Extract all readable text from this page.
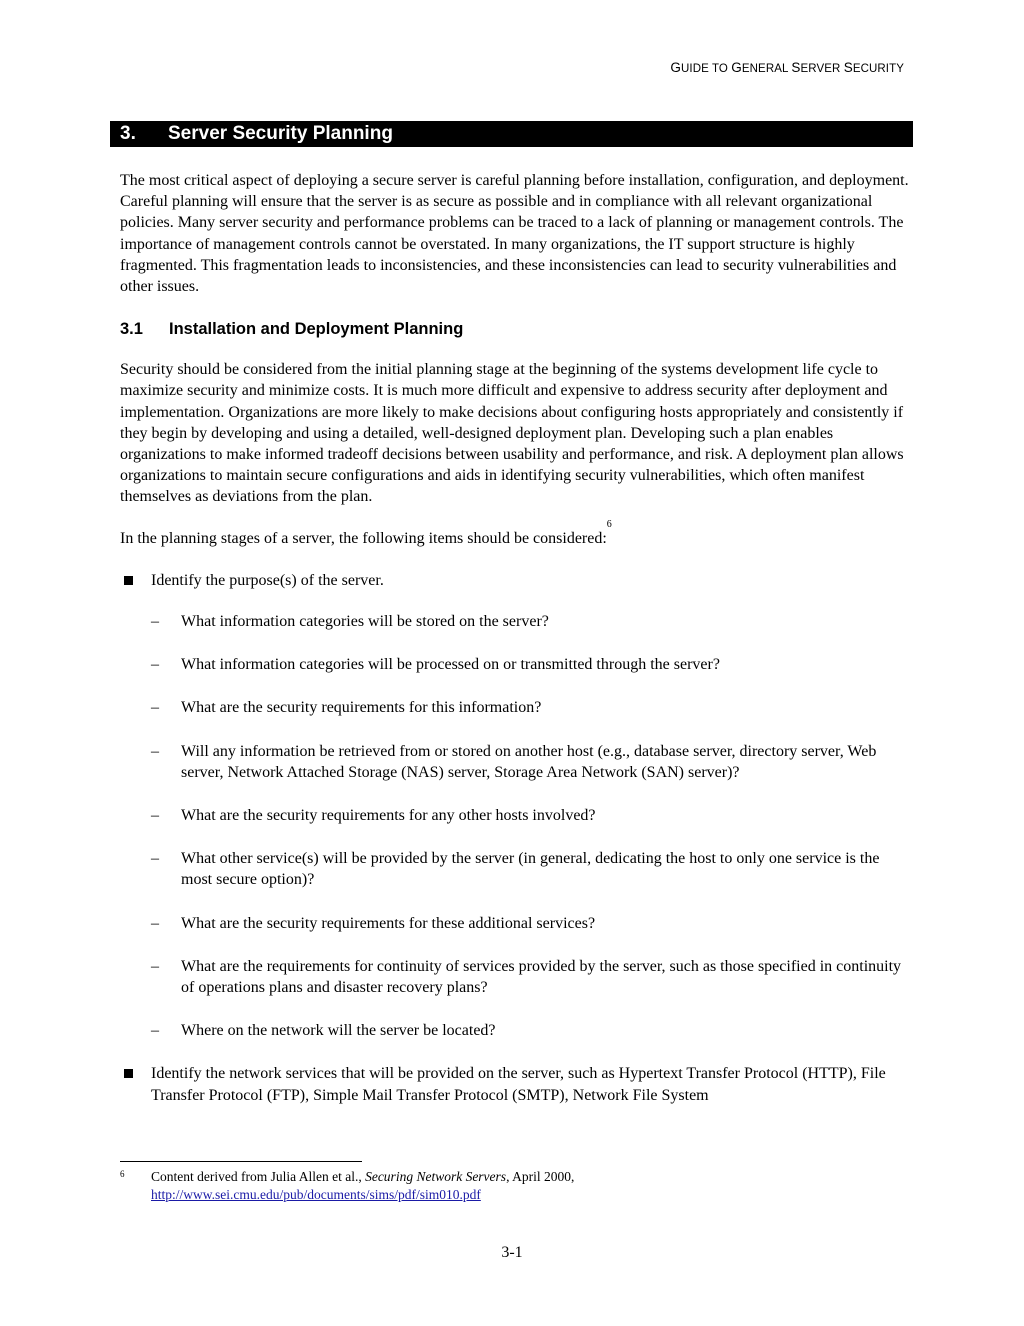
GUIDE TO GENERAL SERVER SECURITY
3. Server Security Planning

The most critical aspect of deploying a secure server is careful planning before installation, configuration, and deployment. Careful planning will ensure that the server is as secure as possible and in compliance with all relevant organizational policies. Many server security and performance problems can be traced to a lack of planning or management controls. The importance of management controls cannot be overstated. In many organizations, the IT support structure is highly fragmented. This fragmentation leads to inconsistencies, and these inconsistencies can lead to security vulnerabilities and other issues.

3.1 Installation and Deployment Planning

Security should be considered from the initial planning stage at the beginning of the systems development life cycle to maximize security and minimize costs. It is much more difficult and expensive to address security after deployment and implementation. Organizations are more likely to make decisions about configuring hosts appropriately and consistently if they begin by developing and using a detailed, well-designed deployment plan. Developing such a plan enables organizations to make informed tradeoff decisions between usability and performance, and risk. A deployment plan allows organizations to maintain secure configurations and aids in identifying security vulnerabilities, which often manifest themselves as deviations from the plan.

In the planning stages of a server, the following items should be considered:$^6$

Identify the purpose(s) of the server.
– What information categories will be stored on the server?
– What information categories will be processed on or transmitted through the server?
– What are the security requirements for this information?
– Will any information be retrieved from or stored on another host (e.g., database server, directory server, Web server, Network Attached Storage (NAS) server, Storage Area Network (SAN) server)?
– What are the security requirements for any other hosts involved?
– What other service(s) will be provided by the server (in general, dedicating the host to only one service is the most secure option)?
– What are the security requirements for these additional services?
– What are the requirements for continuity of services provided by the server, such as those specified in continuity of operations plans and disaster recovery plans?
– Where on the network will the server be located?
Identify the network services that will be provided on the server, such as Hypertext Transfer Protocol (HTTP), File Transfer Protocol (FTP), Simple Mail Transfer Protocol (SMTP), Network File System
6 Content derived from Julia Allen et al., Securing Network Servers, April 2000,
http://www.sei.cmu.edu/pub/documents/sims/pdf/sim010.pdf
3-1
